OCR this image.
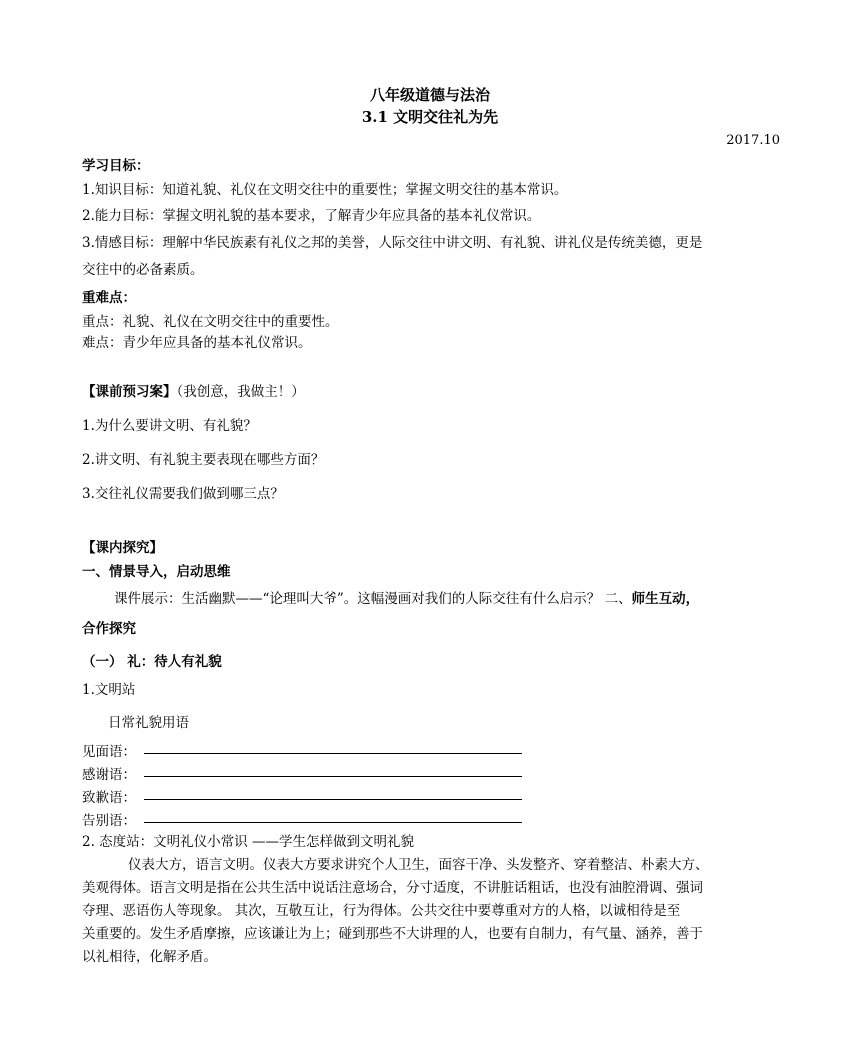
八年级道德与法治
3.1 文明交往礼为先
2017.10
学习目标：
1.知识目标：知道礼貌、礼仪在文明交往中的重要性；掌握文明交往的基本常识。
2.能力目标：掌握文明礼貌的基本要求，了解青少年应具备的基本礼仪常识。
3.情感目标：理解中华民族素有礼仪之邦的美誉，人际交往中讲文明、有礼貌、讲礼仪是传统美德，更是
交往中的必备素质。
重难点：
重点：礼貌、礼仪在文明交往中的重要性。
难点：青少年应具备的基本礼仪常识。
【课前预习案】（我创意，我做主！）
1.为什么要讲文明、有礼貌？
2.讲文明、有礼貌主要表现在哪些方面？
3.交往礼仪需要我们做到哪三点？
【课内探究】
一、情景导入，启动思维
课件展示：生活幽默——“论理叫大爷”。这幅漫画对我们的人际交往有什么启示？ 二、师生互动，
合作探究
（一） 礼：待人有礼貌
1.文明站
日常礼貌用语
见面语：
感谢语：
致歉语：
告别语：
2. 态度站：文明礼仪小常识 ——学生怎样做到文明礼貌
仪表大方，语言文明。仪表大方要求讲究个人卫生，面容干净、头发整齐、穿着整洁、朴素大方、
美观得体。语言文明是指在公共生活中说话注意场合，分寸适度，不讲脏话粗话，也没有油腔滑调、强词
夺理、恶语伤人等现象。 其次，互敬互让，行为得体。公共交往中要尊重对方的人格，以诚相待是至
关重要的。发生矛盾摩擦，应该谦让为上；碰到那些不大讲理的人，也要有自制力，有气量、涵养，善于
以礼相待，化解矛盾。
